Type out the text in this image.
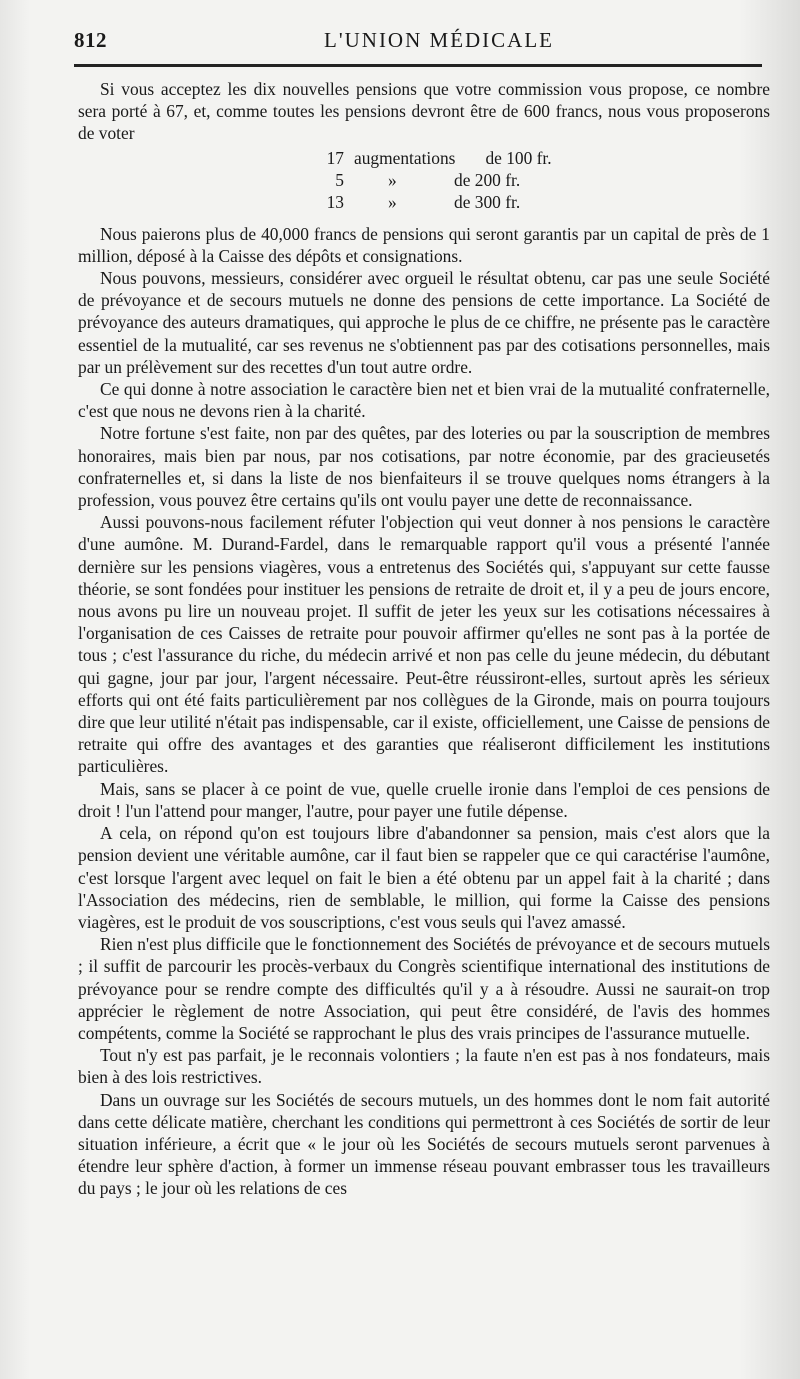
812	L'UNION MÉDICALE

Si vous acceptez les dix nouvelles pensions que votre commission vous propose, ce nombre sera porté à 67, et, comme toutes les pensions devront être de 600 francs, nous vous proposerons de voter

17 augmentations de 100 fr.
5	»	de 200 fr.
13	»	de 300 fr.

Nous paierons plus de 40,000 francs de pensions qui seront garantis par un capital de près de 1 million, déposé à la Caisse des dépôts et consignations.

Nous pouvons, messieurs, considérer avec orgueil le résultat obtenu, car pas une seule Société de prévoyance et de secours mutuels ne donne des pensions de cette importance. La Société de prévoyance des auteurs dramatiques, qui approche le plus de ce chiffre, ne présente pas le caractère essentiel de la mutualité, car ses revenus ne s'obtiennent pas par des cotisations personnelles, mais par un prélèvement sur des recettes d'un tout autre ordre.

Ce qui donne à notre association le caractère bien net et bien vrai de la mutualité confraternelle, c'est que nous ne devons rien à la charité.

Notre fortune s'est faite, non par des quêtes, par des loteries ou par la souscription de membres honoraires, mais bien par nous, par nos cotisations, par notre économie, par des gracieusetés confraternelles et, si dans la liste de nos bienfaiteurs il se trouve quelques noms étrangers à la profession, vous pouvez être certains qu'ils ont voulu payer une dette de reconnaissance.

Aussi pouvons-nous facilement réfuter l'objection qui veut donner à nos pensions le caractère d'une aumône. M. Durand-Fardel, dans le remarquable rapport qu'il vous a présenté l'année dernière sur les pensions viagères, vous a entretenus des Sociétés qui, s'appuyant sur cette fausse théorie, se sont fondées pour instituer les pensions de retraite de droit et, il y a peu de jours encore, nous avons pu lire un nouveau projet. Il suffit de jeter les yeux sur les cotisations nécessaires à l'organisation de ces Caisses de retraite pour pouvoir affirmer qu'elles ne sont pas à la portée de tous ; c'est l'assurance du riche, du médecin arrivé et non pas celle du jeune médecin, du débutant qui gagne, jour par jour, l'argent nécessaire. Peut-être réussiront-elles, surtout après les sérieux efforts qui ont été faits particulièrement par nos collègues de la Gironde, mais on pourra toujours dire que leur utilité n'était pas indispensable, car il existe, officiellement, une Caisse de pensions de retraite qui offre des avantages et des garanties que réaliseront difficilement les institutions particulières.

Mais, sans se placer à ce point de vue, quelle cruelle ironie dans l'emploi de ces pensions de droit ! l'un l'attend pour manger, l'autre, pour payer une futile dépense.

A cela, on répond qu'on est toujours libre d'abandonner sa pension, mais c'est alors que la pension devient une véritable aumône, car il faut bien se rappeler que ce qui caractérise l'aumône, c'est lorsque l'argent avec lequel on fait le bien a été obtenu par un appel fait à la charité ; dans l'Association des médecins, rien de semblable, le million, qui forme la Caisse des pensions viagères, est le produit de vos souscriptions, c'est vous seuls qui l'avez amassé.

Rien n'est plus difficile que le fonctionnement des Sociétés de prévoyance et de secours mutuels ; il suffit de parcourir les procès-verbaux du Congrès scientifique international des institutions de prévoyance pour se rendre compte des difficultés qu'il y a à résoudre. Aussi ne saurait-on trop apprécier le règlement de notre Association, qui peut être considéré, de l'avis des hommes compétents, comme la Société se rapprochant le plus des vrais principes de l'assurance mutuelle.

Tout n'y est pas parfait, je le reconnais volontiers ; la faute n'en est pas à nos fondateurs, mais bien à des lois restrictives.

Dans un ouvrage sur les Sociétés de secours mutuels, un des hommes dont le nom fait autorité dans cette délicate matière, cherchant les conditions qui permettront à ces Sociétés de sortir de leur situation inférieure, a écrit que « le jour où les Sociétés de secours mutuels seront parvenues à étendre leur sphère d'action, à former un immense réseau pouvant embrasser tous les travailleurs du pays ; le jour où les relations de ces
